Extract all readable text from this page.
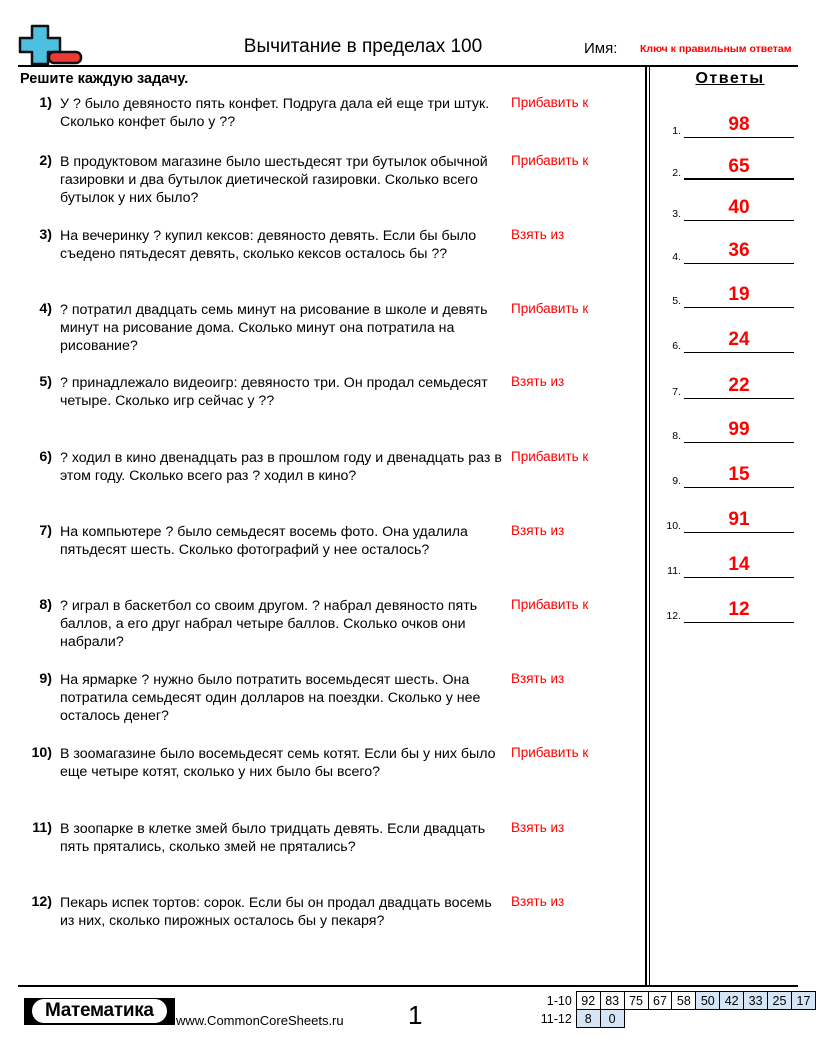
Вычитание в пределах 100	Имя: Ключ к правильным ответам
Решите каждую задачу.
1) У ? было девяносто пять конфет. Подруга дала ей еще три штук. Сколько конфет было у ??
Прибавить к
2) В продуктовом магазине было шестьдесят три бутылок обычной газировки и два бутылок диетической газировки. Сколько всего бутылок у них было?
Прибавить к
3) На вечеринку ? купил кексов: девяносто девять. Если бы было съедено пятьдесят девять, сколько кексов осталось бы ??
Взять из
4) ? потратил двадцать семь минут на рисование в школе и девять минут на рисование дома. Сколько минут она потратила на рисование?
Прибавить к
5) ? принадлежало видеоигр: девяносто три. Он продал семьдесят четыре. Сколько игр сейчас у ??
Взять из
6) ? ходил в кино двенадцать раз в прошлом году и двенадцать раз в этом году. Сколько всего раз ? ходил в кино?
Прибавить к
7) На компьютере ? было семьдесят восемь фото. Она удалила пятьдесят шесть. Сколько фотографий у нее осталось?
Взять из
8) ? играл в баскетбол со своим другом. ? набрал девяносто пять баллов, а его друг набрал четыре баллов. Сколько очков они набрали?
Прибавить к
9) На ярмарке ? нужно было потратить восемьдесят шесть. Она потратила семьдесят один долларов на поездки. Сколько у нее осталось денег?
Взять из
10) В зоомагазине было восемьдесят семь котят. Если бы у них было еще четыре котят, сколько у них было бы всего?
Прибавить к
11) В зоопарке в клетке змей было тридцать девять. Если двадцать пять прятались, сколько змей не прятались?
Взять из
12) Пекарь испек тортов: сорок. Если бы он продал двадцать восемь из них, сколько пирожных осталось бы у пекаря?
Взять из
Ответы
1.	98
2.	65
3.	40
4.	36
5.	19
6.	24
7.	22
8.	99
9.	15
10.	91
11.	14
12.	12
Математика	www.CommonCoreSheets.ru 1	1-10	92	83	75	67	58	50	42	33	25	17
11-12	8	0								
